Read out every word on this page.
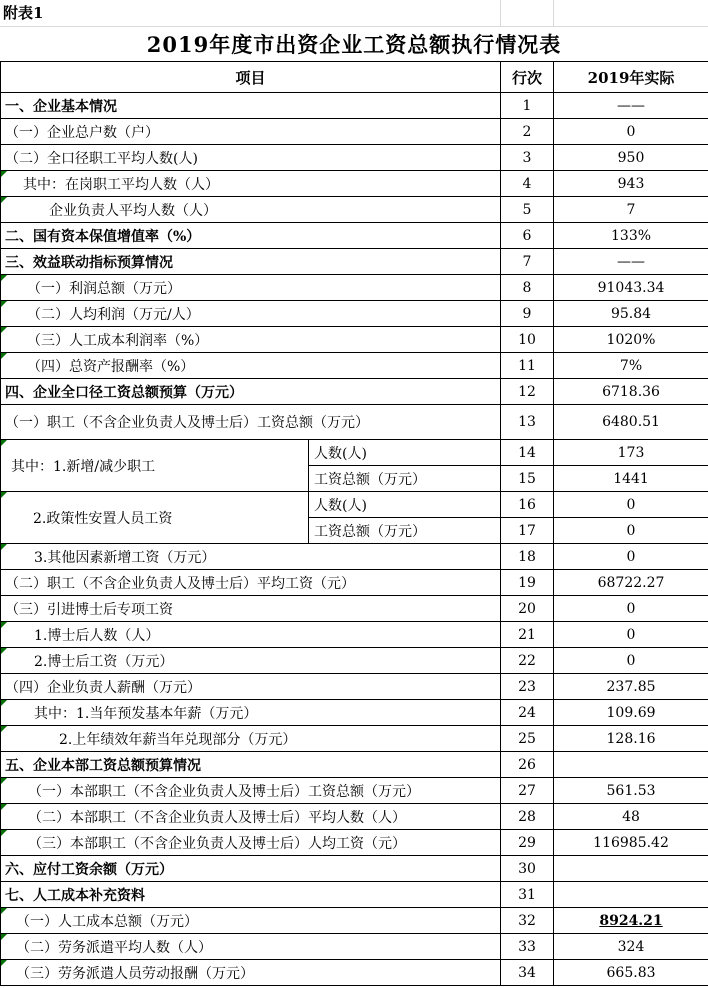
附表1
2019年度市出资企业工资总额执行情况表
项目		行次	2019年实际
一、企业基本情况		1	——
（一）企业总户数（户）		2	0
（二）全口径职工平均人数(人)		3	950

其中：在岗职工平均人数（人）		4	943

企业负责人平均人数（人）		5	7
二、国有资本保值增值率（%）		6	133%
三、效益联动指标预算情况		7	——

（一）利润总额（万元）		8	91043.34

（二）人均利润（万元/人）		9	95.84

（三）人工成本利润率（%）		10	1020%

（四）总资产报酬率（%）		11	7%
四、企业全口径工资总额预算（万元）		12	6718.36
（一）职工（不含企业负责人及博士后）工资总额（万元）		13	6480.51

其中：1.新增/减少职工	人数(人)	14	173
	工资总额（万元）	15	1441

2.政策性安置人员工资	人数(人)	16	0
	工资总额（万元）	17	0

3.其他因素新增工资（万元）		18	0
（二）职工（不含企业负责人及博士后）平均工资（元）		19	68722.27
（三）引进博士后专项工资		20	0

1.博士后人数（人）		21	0

2.博士后工资（万元）		22	0
（四）企业负责人薪酬（万元）		23	237.85

其中：1.当年预发基本年薪（万元）		24	109.69

2.上年绩效年薪当年兑现部分（万元）		25	128.16
五、企业本部工资总额预算情况		26	

（一）本部职工（不含企业负责人及博士后）工资总额（万元）		27	561.53

（二）本部职工（不含企业负责人及博士后）平均人数（人）		28	48

（三）本部职工（不含企业负责人及博士后）人均工资（元）		29	116985.42
六、应付工资余额（万元）		30	
七、人工成本补充资料		31	

（一）人工成本总额（万元）		32	8924.21

（二）劳务派遣平均人数（人）		33	324

（三）劳务派遣人员劳动报酬（万元）		34	665.83
